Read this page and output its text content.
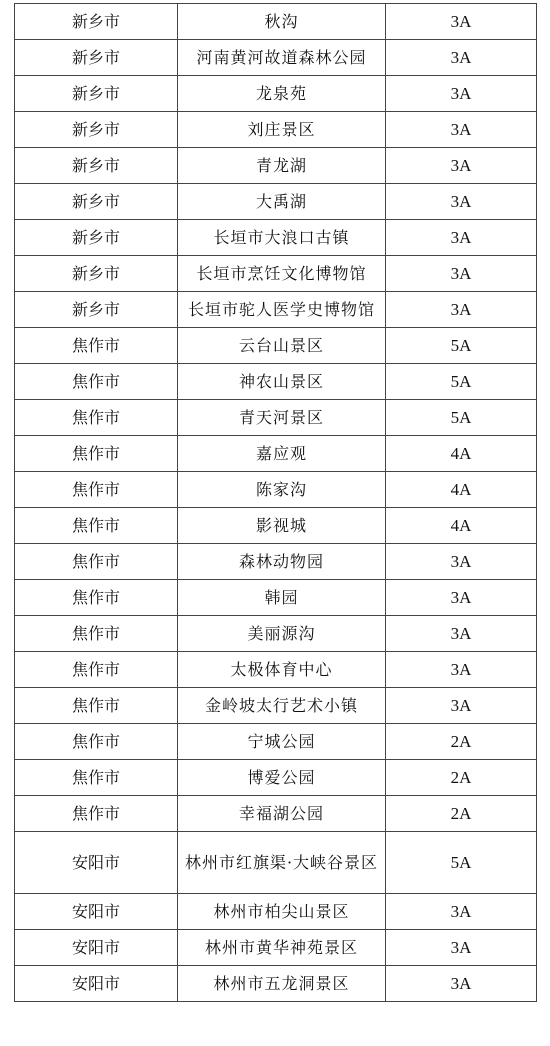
新乡市	秋沟	3A
新乡市	河南黄河故道森林公园	3A
新乡市	龙泉苑	3A
新乡市	刘庄景区	3A
新乡市	青龙湖	3A
新乡市	大禹湖	3A
新乡市	长垣市大浪口古镇	3A
新乡市	长垣市烹饪文化博物馆	3A
新乡市	长垣市驼人医学史博物馆	3A
焦作市	云台山景区	5A
焦作市	神农山景区	5A
焦作市	青天河景区	5A
焦作市	嘉应观	4A
焦作市	陈家沟	4A
焦作市	影视城	4A
焦作市	森林动物园	3A
焦作市	韩园	3A
焦作市	美丽源沟	3A
焦作市	太极体育中心	3A
焦作市	金岭坡太行艺术小镇	3A
焦作市	宁城公园	2A
焦作市	博爱公园	2A
焦作市	幸福湖公园	2A
安阳市	林州市红旗渠·大峡谷景区	5A
安阳市	林州市柏尖山景区	3A
安阳市	林州市黄华神苑景区	3A
安阳市	林州市五龙洞景区	3A
